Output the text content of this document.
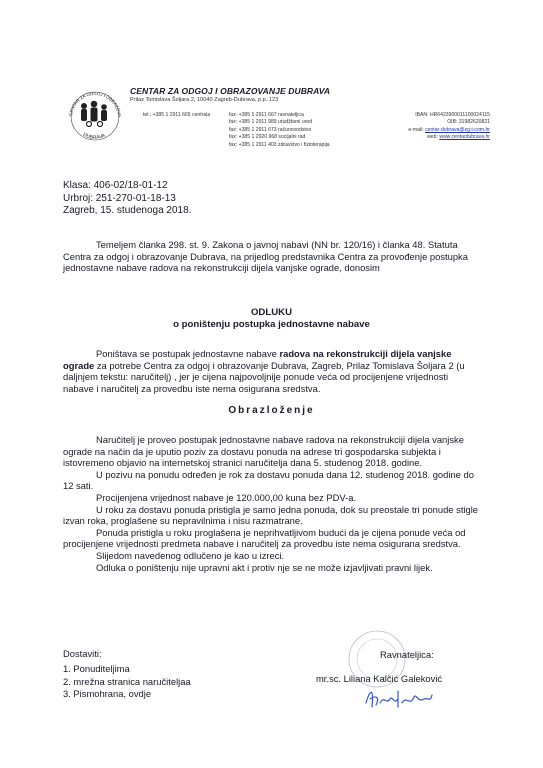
CENTAR ZA ODGOJ I OBRAZOVA
DUBRAVA
CENTAR ZA ODGOJ I OBRAZOVANJE DUBRAVA
Prilaz Tomislava Šoljara 2, 10040 Zagreb-Dubrava, p.p. 123
tel.: +385 1 2911 665 centrala	fax: +385 1 2911 667 ravnateljica
fax: +385 1 2911 989 urudžbeni ured
fax: +385 1 2911 673 računovodstvo
fax: +385 1 2920 968 socijalni rad
fax: +385 1 2911 403 zdravstvo i fizioterapija
IBAN: HR6423900011100024115
OIB: 31982620821
e-mail: centar-dubrava@zg.t-com.hr
web: www.centardubrava.hr
Klasa: 406-02/18-01-12
Urbroj: 251-270-01-18-13
Zagreb, 15. studenoga 2018.
Temeljem članka 298. st. 9. Zakona o javnoj nabavi (NN br. 120/16) i članka 48. Statuta Centra za odgoj i obrazovanje Dubrava, na prijedlog predstavnika Centra za provođenje postupka jednostavne nabave radova na rekonstrukciji dijela vanjske ograde, donosim
ODLUKU
o poništenju postupka jednostavne nabave
Poništava se postupak jednostavne nabave radova na rekonstrukciji dijela vanjske ograde za potrebe Centra za odgoj i obrazovanje Dubrava, Zagreb, Prilaz Tomislava Šoljara 2 (u daljnjem tekstu: naručitelj) , jer je cijena najpovoljnije ponude veća od procijenjene vrijednosti nabave i naručitelj za provedbu iste nema osigurana sredstva.
Obrazloženje
Naručitelj je proveo postupak jednostavne nabave radova na rekonstrukciji dijela vanjske ograde na način da je uputio poziv za dostavu ponuda na adrese tri gospodarska subjekta i istovremeno objavio na internetskoj stranici naručitelja dana 5. studenog 2018. godine.
U pozivu na ponudu određen je rok za dostavu ponuda dana 12. studenog 2018. godine do 12 sati.
Procijenjena vrijednost nabave je 120.000,00 kuna bez PDV-a.
U roku za dostavu ponuda pristigla je samo jedna ponuda, dok su preostale tri ponude stigle izvan roka, proglašene su nepravilnima i nisu razmatrane.
Ponuda pristigla u roku proglašena je neprihvatljivom budući da je cijena ponude veća od procijenjene vrijednosti predmeta nabave i naručitelj za provedbu iste nema osigurana sredstva.
Slijedom navedenog odlučeno je kao u izreci.
Odluka o poništenju nije upravni akt i protiv nje se ne može izjavljivati pravni lijek.
Dostaviti:
1. Ponuditeljima
2. mrežna stranica naručiteljaa
3. Pismohrana, ovdje
Ravnateljica:
mr.sc. Liliana Kalčić Galeković
